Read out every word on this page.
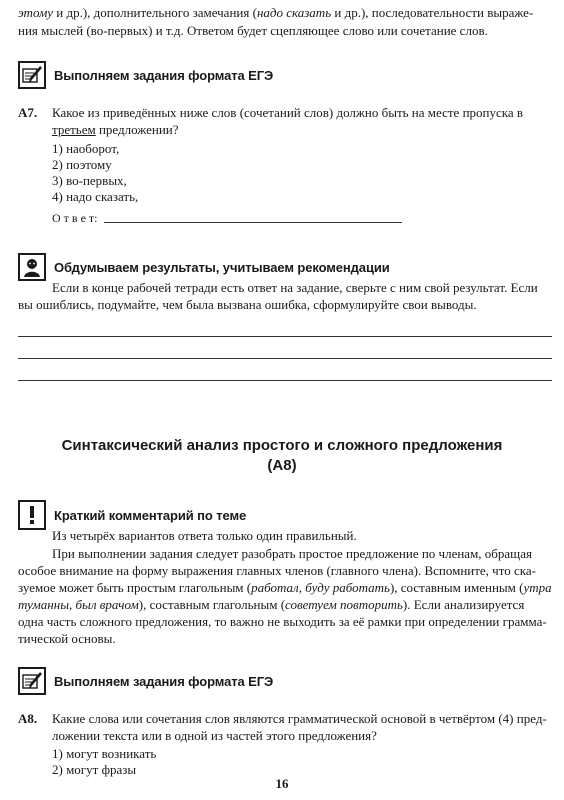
этому и др.), дополнительного замечания (надо сказать и др.), последовательности выраже-
ния мыслей (во-первых) и т.д. Ответом будет сцепляющее слово или сочетание слов.
Выполняем задания формата ЕГЭ
А7. Какое из приведённых ниже слов (сочетаний слов) должно быть на месте пропуска в
третьем предложении?
1) наоборот,
2) поэтому
3) во-первых,
4) надо сказать,
О т в е т:
Обдумываем результаты, учитываем рекомендации
Если в конце рабочей тетради есть ответ на задание, сверьте с ним свой результат. Если
вы ошиблись, подумайте, чем была вызвана ошибка, сформулируйте свои выводы.
Синтаксический анализ простого и сложного предложения
(А8)
Краткий комментарий по теме
Из четырёх вариантов ответа только один правильный.
При выполнении задания следует разобрать простое предложение по членам, обращая
особое внимание на форму выражения главных членов (главного члена). Вспомните, что ска-
зуемое может быть простым глагольным (работал, буду работать), составным именным (утра
туманны, был врачом), составным глагольным (советуем повторить). Если анализируется
одна часть сложного предложения, то важно не выходить за её рамки при определении грамма-
тической основы.
Выполняем задания формата ЕГЭ
А8. Какие слова или сочетания слов являются грамматической основой в четвёртом (4) пред-
ложении текста или в одной из частей этого предложения?
1) могут возникать
2) могут фразы
16
